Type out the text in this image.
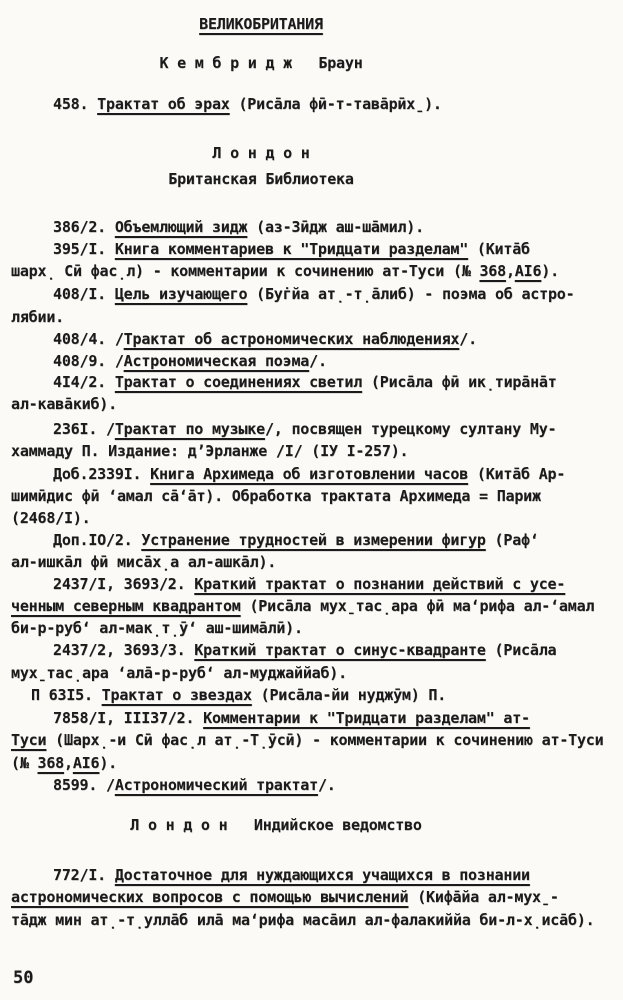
ВЕЛИКОБРИТАНИЯ
К е м б р и д ж   Браун
458. Трактат об эрах (Риса̄ла фӣ-т-тава̄рӣх̱).
Л о н д о н
Британская Библиотека
386/2. Объемлющий зидж (аз-Зӣдж аш-ша̄мил).
395/I. Книга комментариев к "Тридцати разделам" (Кита̄б
шарх̣ Сӣ фас̣л) - комментарии к сочинению ат-Туси (№ 368,АI6).
408/I. Цель изучающего (Буг̇йа ат̣-т̣а̄либ) - поэма об астро-
лябии.
408/4. /Трактат об астрономических наблюдениях/.
408/9. /Астрономическая поэма/.
4I4/2. Трактат о соединениях светил (Риса̄ла фӣ ик̣тира̄на̄т
ал-кава̄киб).
236I. /Трактат по музыке/, посвящен турецкому султану Му-
хаммаду П. Издание: д’Эрланже /I/ (IУ I-257).
Доб.2339I. Книга Архимеда об изготовлении часов (Кита̄б Ар-
шимӣдис фӣ ʻамал са̄ʻа̄т). Обработка трактата Архимеда = Париж
(2468/I).
Доп.IO/2. Устранение трудностей в измерении фигур (Рафʻ
ал-ишка̄л фӣ миса̄х̣а ал-ашка̄л).
2437/I, 3693/2. Краткий трактат о познании действий с усе-
ченным северным квадрантом (Риса̄ла мух̱тас̣ара фӣ маʻрифа ал-ʻамал
би-р-рубʻ ал-мак̣т̣ӯʻ аш-шима̄лӣ).
2437/2, 3693/3. Краткий трактат о синус-квадранте (Риса̄ла
мух̱тас̣ара ʻала̄-р-рубʻ ал-муджаййаб).
П 63I5. Трактат о звездах (Риса̄ла-йи нуджӯм) П.
7858/I, III37/2. Комментарии к "Тридцати разделам" ат-
Туси (Шарх̣-и Сӣ фас̣л ат̣-Т̣ӯсӣ) - комментарии к сочинению ат-Туси
(№ 368,АI6).
8599. /Астрономический трактат/.
Л о н д о н   Индийское ведомство
772/I. Достаточное для нуждающихся учащихся в познании
астрономических вопросов с помощью вычислений (Кифа̄йа ал-мух̱-
та̄дж мин ат̣-т̣улла̄б ила̄ маʻрифа маса̄ил ал-фалакиййа би-л-х̣иса̄б).
50
